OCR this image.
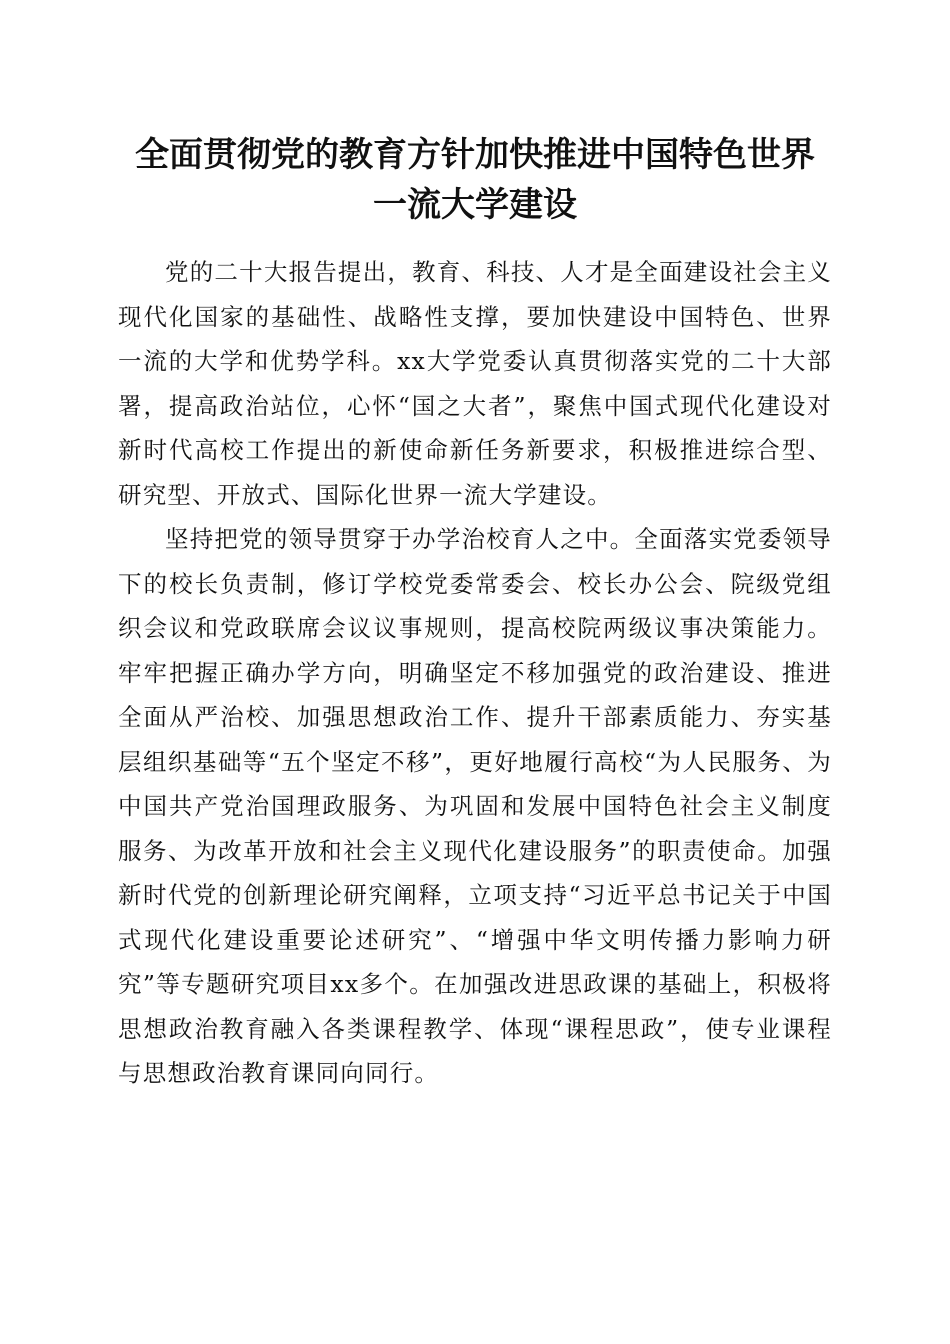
全面贯彻党的教育方针加快推进中国特色世界
一流大学建设

党的二十大报告提出，教育、科技、人才是全面建设社会主义现代化国家的基础性、战略性支撑，要加快建设中国特色、世界一流的大学和优势学科。xx大学党委认真贯彻落实党的二十大部署，提高政治站位，心怀“国之大者”，聚焦中国式现代化建设对新时代高校工作提出的新使命新任务新要求，积极推进综合型、研究型、开放式、国际化世界一流大学建设。

坚持把党的领导贯穿于办学治校育人之中。全面落实党委领导下的校长负责制，修订学校党委常委会、校长办公会、院级党组织会议和党政联席会议议事规则，提高校院两级议事决策能力。牢牢把握正确办学方向，明确坚定不移加强党的政治建设、推进全面从严治校、加强思想政治工作、提升干部素质能力、夯实基层组织基础等“五个坚定不移”，更好地履行高校“为人民服务、为中国共产党治国理政服务、为巩固和发展中国特色社会主义制度服务、为改革开放和社会主义现代化建设服务”的职责使命。加强新时代党的创新理论研究阐释，立项支持“习近平总书记关于中国式现代化建设重要论述研究”、“增强中华文明传播力影响力研究”等专题研究项目xx多个。在加强改进思政课的基础上，积极将思想政治教育融入各类课程教学、体现“课程思政”，使专业课程与思想政治教育课同向同行。
